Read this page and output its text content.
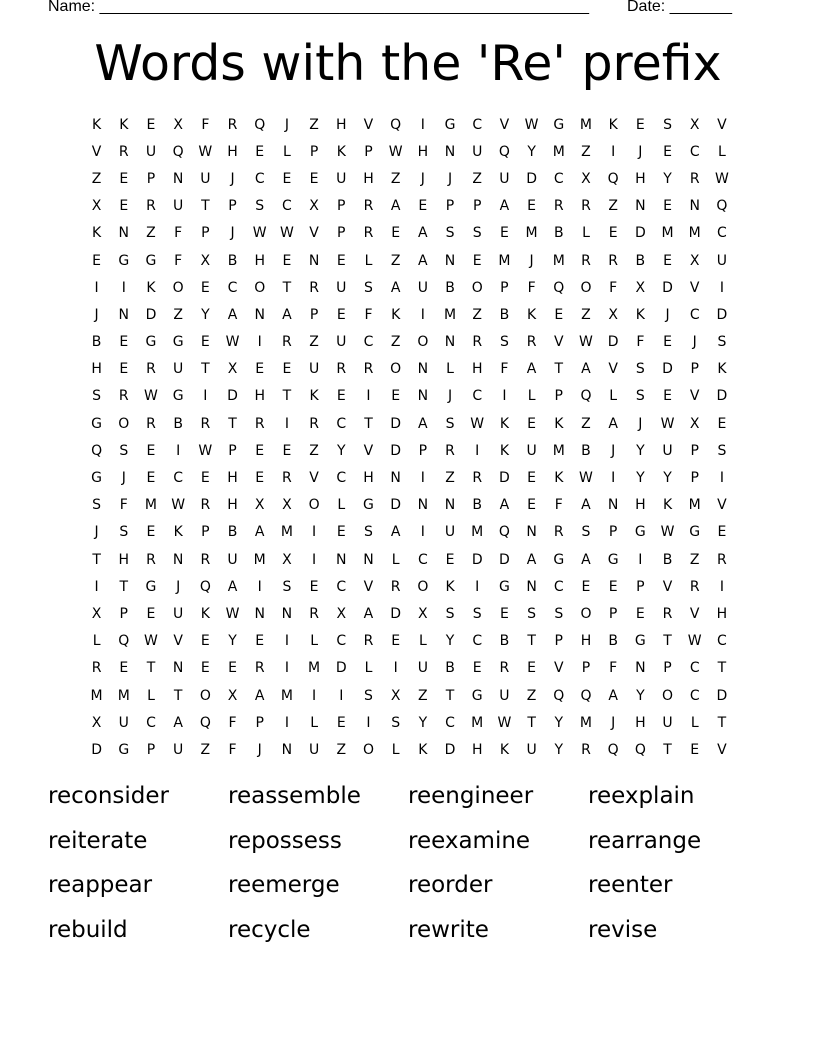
Name: _______________________________________________________ Date: _______
Words with the 'Re' prefix
K	K	E	X	F	R	Q	J	Z	H	V	Q	I	G	C	V	W	G	M	K	E	S	X	V
V	R	U	Q	W	H	E	L	P	K	P	W	H	N	U	Q	Y	M	Z	I	J	E	C	L
Z	E	P	N	U	J	C	E	E	U	H	Z	J	J	Z	U	D	C	X	Q	H	Y	R	W
X	E	R	U	T	P	S	C	X	P	R	A	E	P	P	A	E	R	R	Z	N	E	N	Q
K	N	Z	F	P	J	W W	V	P	R	E	A	S	S	E	M	B	L	E	D	M	M	C
E	G	G	F	X	B	H	E	N	E	L	Z	A	N	E	M	J	M	R	R	B	E	X	U
I	I	K	O	E	C	O	T	R	U	S	A	U	B	O	P	F	Q	O	F	X	D	V	I
J	N	D	Z	Y	A	N	A	P	E	F	K	I	M	Z	B	K	E	Z	X	K	J	C	D
B	E	G	G	E	W	I	R	Z	U	C	Z	O	N	R	S	R	V	W	D	F	E	J	S
H	E	R	U	T	X	E	E	U	R	R	O	N	L	H	F	A	T	A	V	S	D	P	K
S	R	W	G	I	D	H	T	K	E	I	E	N	J	C	I	L	P	Q	L	S	E	V	D
G	O	R	B	R	T	R	I	R	C	T	D	A	S	W	K	E	K	Z	A	J	W	X	E
Q	S	E	I	W	P	E	E	Z	Y	V	D	P	R	I	K	U	M	B	J	Y	U	P	S
G	J	E	C	E	H	E	R	V	C	H	N	I	Z	R	D	E	K	W	I	Y	Y	P	I
S	F	M	W	R	H	X	X	O	L	G	D	N	N	B	A	E	F	A	N	H	K	M	V
J	S	E	K	P	B	A	M	I	E	S	A	I	U	M	Q	N	R	S	P	G	W	G	E
T	H	R	N	R	U	M	X	I	N	N	L	C	E	D	D	A	G	A	G	I	B	Z	R
I	T	G	J	Q	A	I	S	E	C	V	R	O	K	I	G	N	C	E	E	P	V	R	I
X	P	E	U	K	W	N	N	R	X	A	D	X	S	S	E	S	S	O	P	E	R	V	H
L	Q	W	V	E	Y	E	I	L	C	R	E	L	Y	C	B	T	P	H	B	G	T	W	C
R	E	T	N	E	E	R	I	M	D	L	I	U	B	E	R	E	V	P	F	N	P	C	T
M	M	L	T	O	X	A	M	I	I	S	X	Z	T	G	U	Z	Q	Q	A	Y	O	C	D
X	U	C	A	Q	F	P	I	L	E	I	S	Y	C	M	W	T	Y	M	J	H	U	L	T
D	G	P	U	Z	F	J	N	U	Z	O	L	K	D	H	K	U	Y	R	Q	Q	T	E	V
reconsider	reassemble	reengineer	reexplain
reiterate	repossess	reexamine	rearrange
reappear	reemerge	reorder	reenter
rebuild	recycle	rewrite	revise
